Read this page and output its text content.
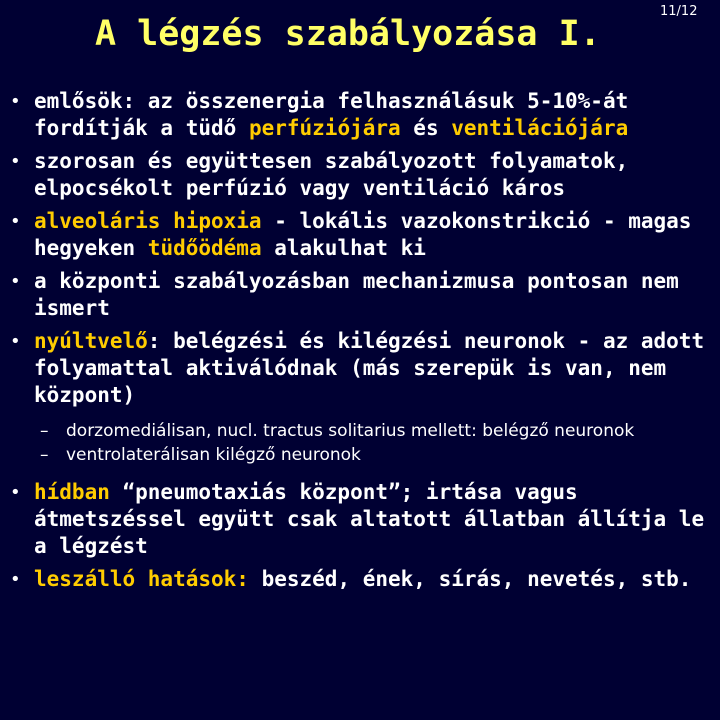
A légzés szabályozása I.
11/12
• emlősök: az összenergia felhasználásuk 5-10%-át fordítják a tüdő perfúziójára és ventilációjára
• szorosan és együttesen szabályozott folyamatok, elpocsékolt perfúzió vagy ventiláció káros
• alveoláris hipoxia - lokális vazokonstrikció - magas hegyeken tüdőödéma alakulhat ki
• a központi szabályozásban mechanizmusa pontosan nem ismert
• nyúltvelő: belégzési és kilégzési neuronok - az adott folyamattal aktiválódnak (más szerepük is van, nem központ)
– dorzomediálisan, nucl. tractus solitarius mellett: belégző neuronok
– ventrolaterálisan kilégző neuronok
• hídban “pneumotaxiás központ”; irtása vagus átmetszéssel együtt csak altatott állatban állítja le a légzést
• leszálló hatások: beszéd, ének, sírás, nevetés, stb.
